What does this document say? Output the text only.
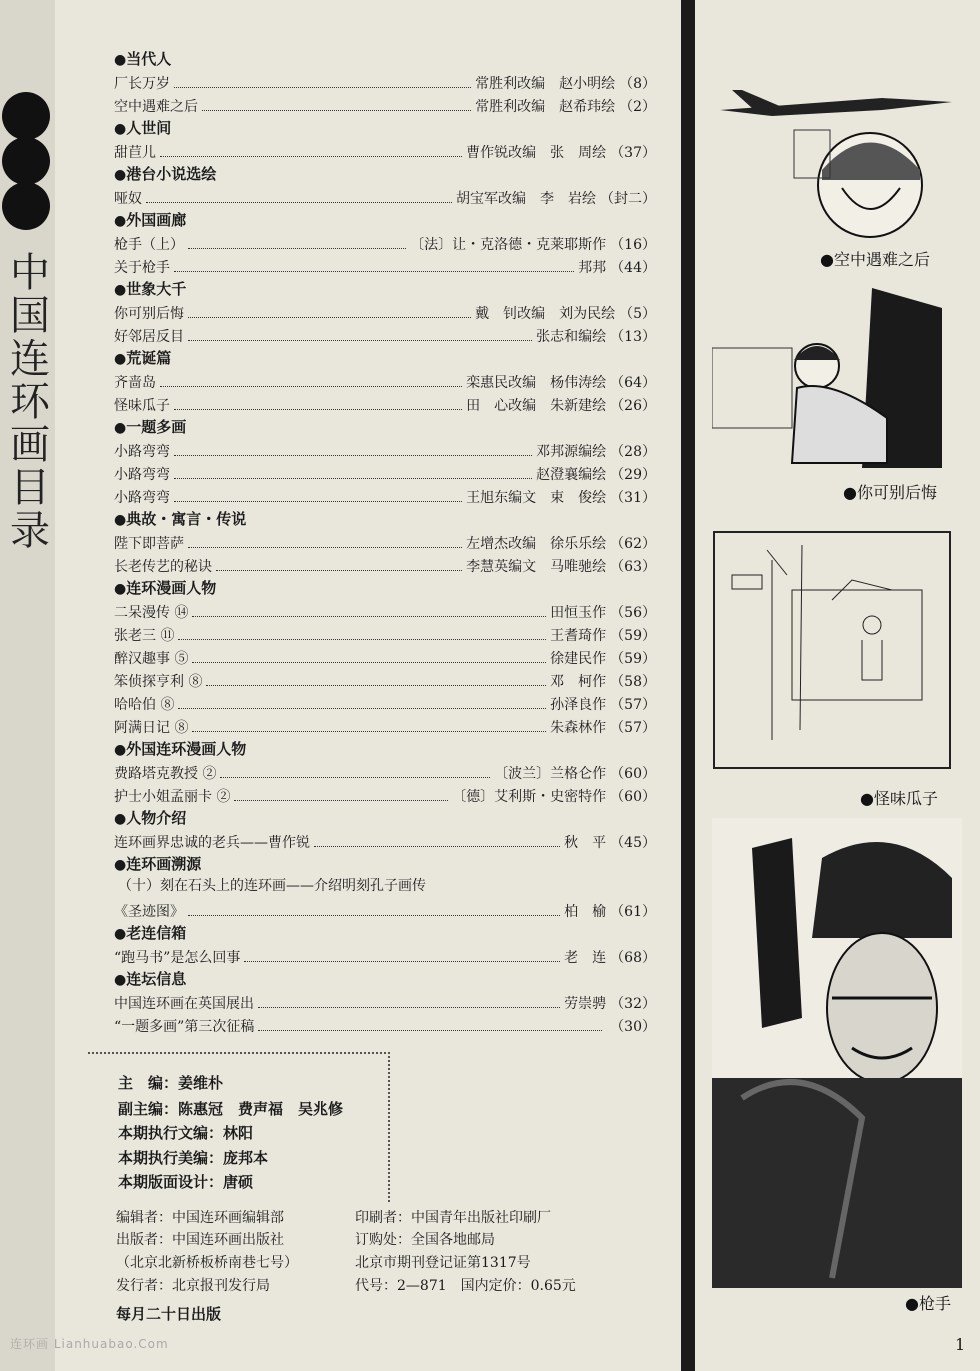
中
国
连
环
画
目
录
●当代人
厂长万岁	常胜利改编　赵小明绘 （8）
空中遇难之后	常胜利改编　赵希玮绘 （2）
●人世间
甜苣儿	曹作锐改编　张　周绘 （37）
●港台小说选绘
哑奴	胡宝军改编　李　岩绘 （封二）
●外国画廊
枪手（上）	〔法〕让・克洛德・克莱耶斯作 （16）
关于枪手	邦邦 （44）
●世象大千
你可别后悔	戴　钊改编　刘为民绘 （5）
好邻居反目	张志和编绘 （13）
●荒诞篇
齐啬岛	栾惠民改编　杨伟涛绘 （64）
怪味瓜子	田　心改编　朱新建绘 （26）
●一题多画
小路弯弯	邓邦源编绘 （28）
小路弯弯	赵澄襄编绘 （29）
小路弯弯	王旭东编文　束　俊绘 （31）
●典故・寓言・传说
陛下即菩萨	左增杰改编　徐乐乐绘 （62）
长老传艺的秘诀	李慧英编文　马唯驰绘 （63）
●连环漫画人物
二呆漫传 ⑭	田恒玉作 （56）
张老三 ⑪	王耆琦作 （59）
醉汉趣事 ⑤	徐建民作 （59）
笨侦探亨利 ⑧	邓　柯作 （58）
哈哈伯 ⑧	孙泽良作 （57）
阿满日记 ⑧	朱森林作 （57）
●外国连环漫画人物
费路塔克教授 ②	〔波兰〕兰格仑作 （60）
护士小姐孟丽卡 ②	〔德〕艾利斯・史密特作 （60）
●人物介绍
连环画界忠诚的老兵——曹作锐	秋　平 （45）
●连环画溯源
（十）刻在石头上的连环画——介绍明刻孔子画传
《圣迹图》	柏　榆 （61）
●老连信箱
“跑马书”是怎么回事	老　连 （68）
●连坛信息
中国连环画在英国展出	劳崇骋 （32）
“一题多画”第三次征稿	（30）
●空中遇难之后
●你可别后悔
●怪味瓜子
●枪手
主　编：姜维朴
副主编：陈惠冠　费声福　吴兆修
本期执行文编：林阳
本期执行美编：庞邦本
本期版面设计：唐硕
编辑者：中国连环画编辑部
出版者：中国连环画出版社
（北京北新桥板桥南巷七号）
发行者：北京报刊发行局
印刷者：中国青年出版社印刷厂
订购处：全国各地邮局
北京市期刊登记证第1317号
代号：2—871　国内定价：0.65元
每月二十日出版
连环画 Lianhuabao.Com	1
